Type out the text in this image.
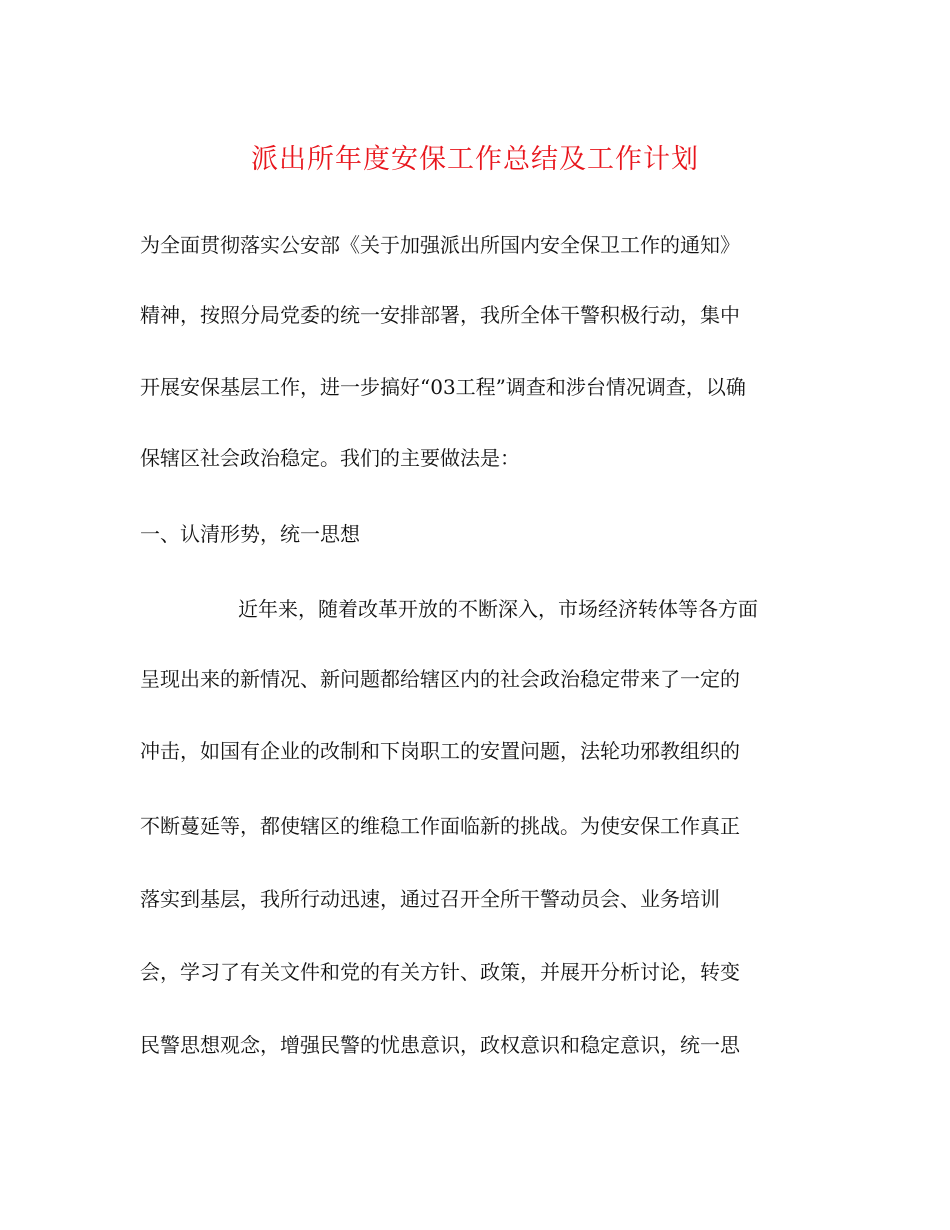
派出所年度安保工作总结及工作计划

为全面贯彻落实公安部《关于加强派出所国内安全保卫工作的通知》

精神，按照分局党委的统一安排部署，我所全体干警积极行动，集中

开展安保基层工作，进一步搞好“03工程”调查和涉台情况调查，以确

保辖区社会政治稳定。我们的主要做法是：

一、认清形势，统一思想

近年来，随着改革开放的不断深入，市场经济转体等各方面

呈现出来的新情况、新问题都给辖区内的社会政治稳定带来了一定的

冲击，如国有企业的改制和下岗职工的安置问题，法轮功邪教组织的

不断蔓延等，都使辖区的维稳工作面临新的挑战。为使安保工作真正

落实到基层，我所行动迅速，通过召开全所干警动员会、业务培训

会，学习了有关文件和党的有关方针、政策，并展开分析讨论，转变

民警思想观念，增强民警的忧患意识，政权意识和稳定意识，统一思
